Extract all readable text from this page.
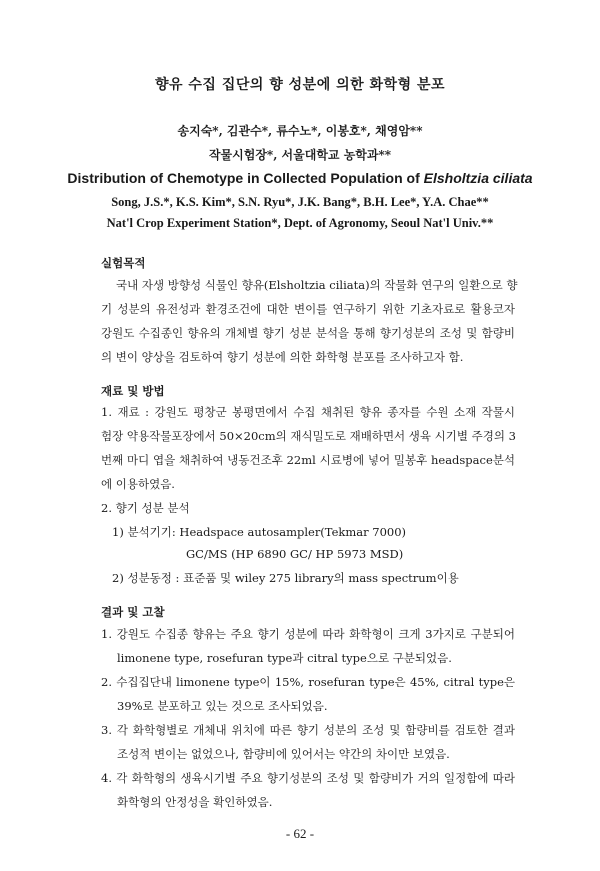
향유 수집 집단의 향 성분에 의한 화학형 분포
송지숙*, 김관수*, 류수노*, 이봉호*, 채영암**
작물시험장*, 서울대학교 농학과**
Distribution of Chemotype in Collected Population of Elsholtzia ciliata
Song, J.S.*, K.S. Kim*, S.N. Ryu*, J.K. Bang*, B.H. Lee*, Y.A. Chae**
Nat'l Crop Experiment Station*, Dept. of Agronomy, Seoul Nat'l Univ.**
실험목적
국내 자생 방향성 식물인 향유(Elsholtzia ciliata)의 작물화 연구의 일환으로 향
기 성분의 유전성과 환경조건에 대한 변이를 연구하기 위한 기초자료로 활용코자
강원도 수집종인 향유의 개체별 향기 성분 분석을 통해 향기성분의 조성 및 함량비
의 변이 양상을 검토하여 향기 성분에 의한 화학형 분포를 조사하고자 함.
재료 및 방법
1. 재료 : 강원도 평창군 봉평면에서 수집 채취된 향유 종자를 수원 소재 작물시
험장 약용작물포장에서 50×20cm의 재식밀도로 재배하면서 생육 시기별 주경의 3
번째 마디 엽을 채취하여 냉동건조후 22ml 시료병에 넣어 밀봉후 headspace분석
에 이용하였음.
2. 향기 성분 분석
1) 분석기기: Headspace autosampler(Tekmar 7000)
GC/MS (HP 6890 GC/ HP 5973 MSD)
2) 성분동정 : 표준품 및 wiley 275 library의 mass spectrum이용
결과 및 고찰
1. 강원도 수집종 향유는 주요 향기 성분에 따라 화학형이 크게 3가지로 구분되어
limonene type, rosefuran type과 citral type으로 구분되었음.
2. 수집집단내 limonene type이 15%, rosefuran type은 45%, citral type은
39%로 분포하고 있는 것으로 조사되었음.
3. 각 화학형별로 개체내 위치에 따른 향기 성분의 조성 및 함량비를 검토한 결과
조성적 변이는 없었으나, 함량비에 있어서는 약간의 차이만 보였음.
4. 각 화학형의 생육시기별 주요 향기성분의 조성 및 함량비가 거의 일정함에 따라
화학형의 안정성을 확인하였음.
- 62 -
